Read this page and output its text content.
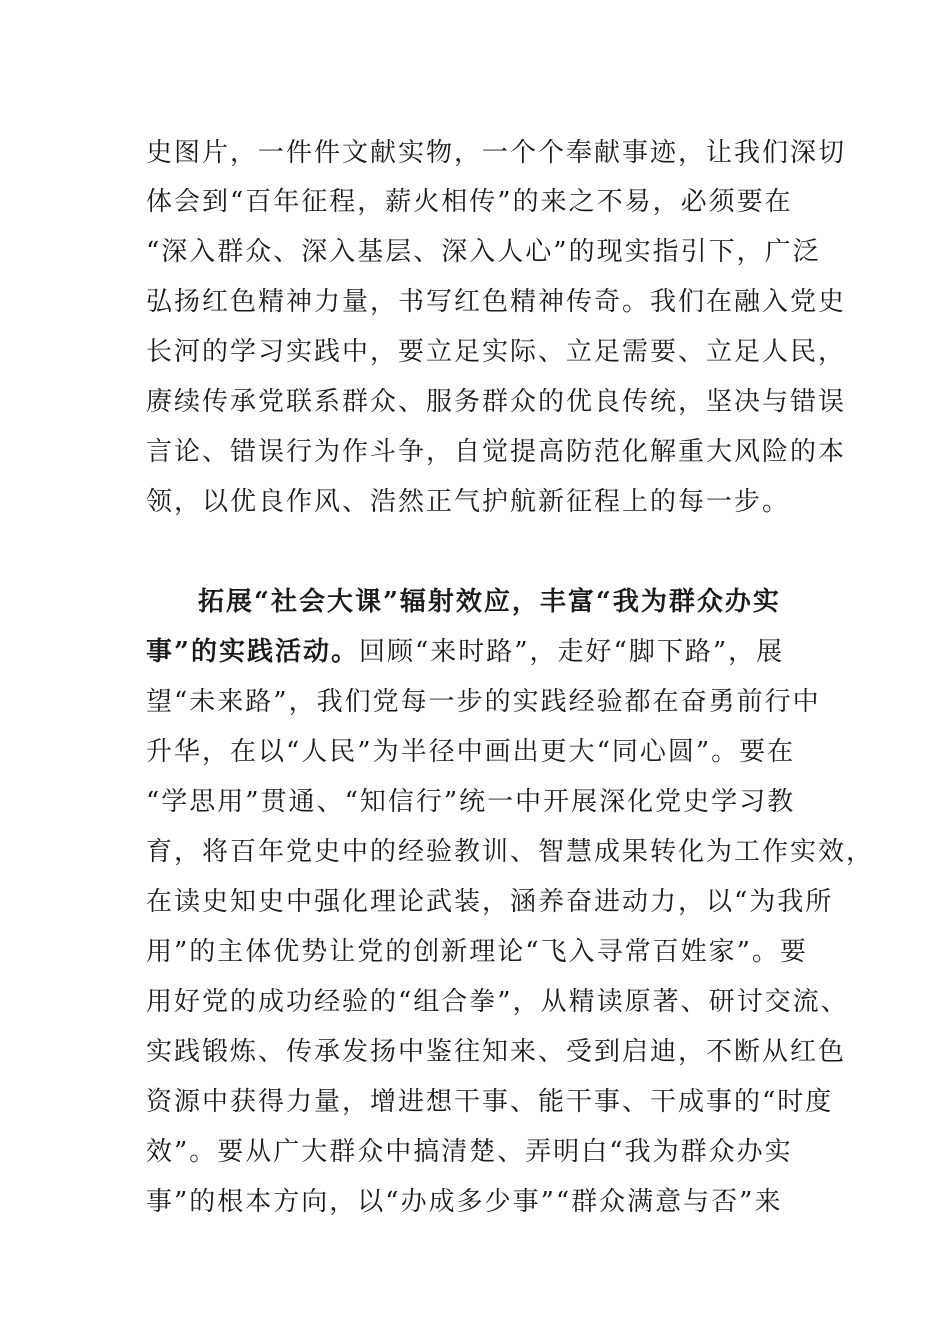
史图片，一件件文献实物，一个个奉献事迹，让我们深切
体会到“百年征程，薪火相传”的来之不易，必须要在
“深入群众、深入基层、深入人心”的现实指引下，广泛
弘扬红色精神力量，书写红色精神传奇。我们在融入党史
长河的学习实践中，要立足实际、立足需要、立足人民，
赓续传承党联系群众、服务群众的优良传统，坚决与错误
言论、错误行为作斗争，自觉提高防范化解重大风险的本
领，以优良作风、浩然正气护航新征程上的每一步。
拓展“社会大课”辐射效应，丰富“我为群众办实
事”的实践活动。回顾“来时路”，走好“脚下路”，展
望“未来路”，我们党每一步的实践经验都在奋勇前行中
升华，在以“人民”为半径中画出更大“同心圆”。要在
“学思用”贯通、“知信行”统一中开展深化党史学习教
育，将百年党史中的经验教训、智慧成果转化为工作实效，
在读史知史中强化理论武装，涵养奋进动力，以“为我所
用”的主体优势让党的创新理论“飞入寻常百姓家”。要
用好党的成功经验的“组合拳”，从精读原著、研讨交流、
实践锻炼、传承发扬中鉴往知来、受到启迪，不断从红色
资源中获得力量，增进想干事、能干事、干成事的“时度
效”。要从广大群众中搞清楚、弄明白“我为群众办实
事”的根本方向，以“办成多少事”“群众满意与否”来
